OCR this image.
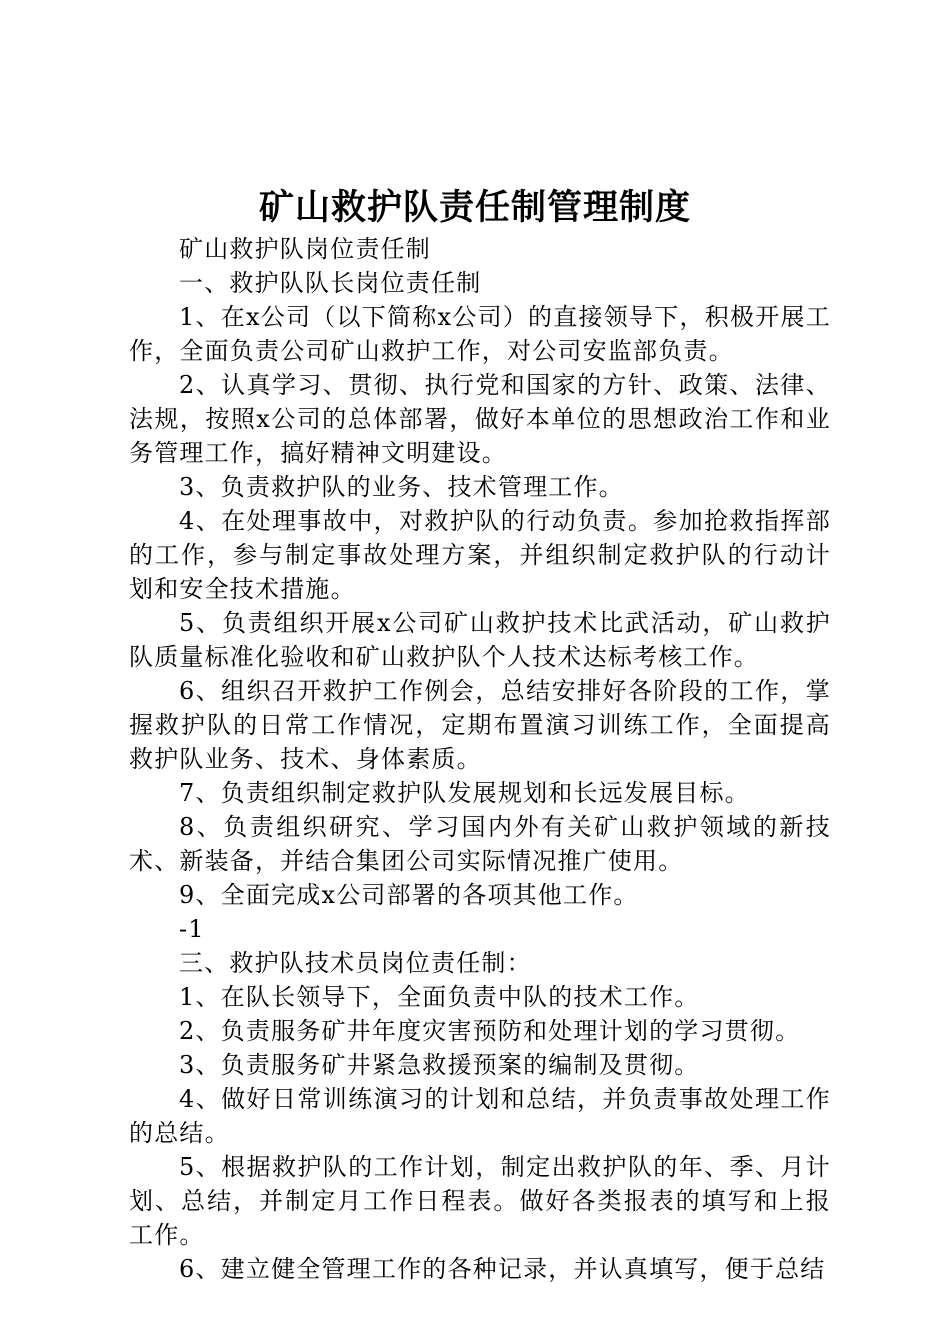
矿山救护队责任制管理制度

矿山救护队岗位责任制

一、救护队队长岗位责任制

1、在x公司（以下简称x公司）的直接领导下，积极开展工作，全面负责公司矿山救护工作，对公司安监部负责。

2、认真学习、贯彻、执行党和国家的方针、政策、法律、法规，按照x公司的总体部署，做好本单位的思想政治工作和业务管理工作，搞好精神文明建设。

3、负责救护队的业务、技术管理工作。

4、在处理事故中，对救护队的行动负责。参加抢救指挥部的工作，参与制定事故处理方案，并组织制定救护队的行动计划和安全技术措施。

5、负责组织开展x公司矿山救护技术比武活动，矿山救护队质量标准化验收和矿山救护队个人技术达标考核工作。

6、组织召开救护工作例会，总结安排好各阶段的工作，掌握救护队的日常工作情况，定期布置演习训练工作，全面提高救护队业务、技术、身体素质。

7、负责组织制定救护队发展规划和长远发展目标。

8、负责组织研究、学习国内外有关矿山救护领域的新技术、新装备，并结合集团公司实际情况推广使用。

9、全面完成x公司部署的各项其他工作。

-1

三、救护队技术员岗位责任制：

1、在队长领导下，全面负责中队的技术工作。

2、负责服务矿井年度灾害预防和处理计划的学习贯彻。

3、负责服务矿井紧急救援预案的编制及贯彻。

4、做好日常训练演习的计划和总结，并负责事故处理工作的总结。

5、根据救护队的工作计划，制定出救护队的年、季、月计划、总结，并制定月工作日程表。做好各类报表的填写和上报工作。

6、建立健全管理工作的各种记录，并认真填写，便于总结
